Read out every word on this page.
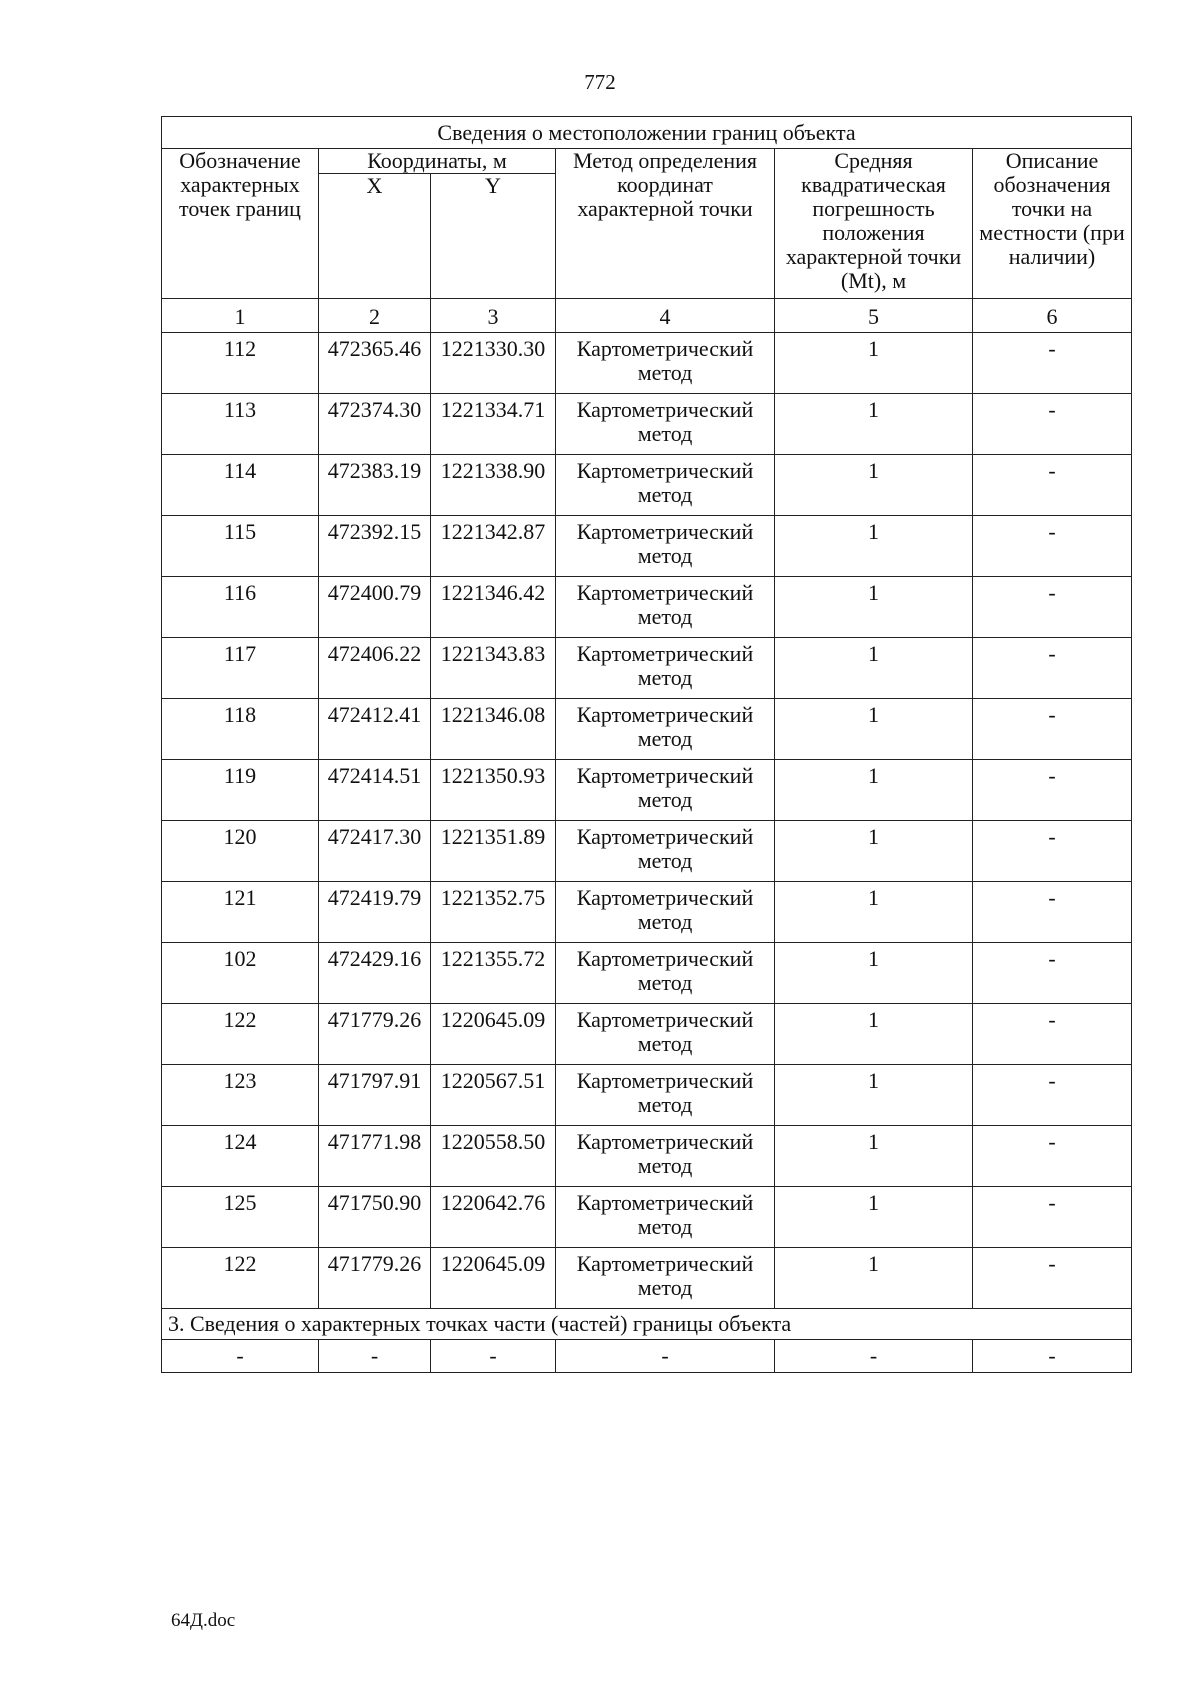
772
Сведения о местоположении границ объекта					
Обозначение характерных точек границ	Координаты, м		Метод определения координат характерной точки	Средняя квадратическая погрешность положения характерной точки (Mt), м	Описание обозначения точки на местности (при наличии)
	X	Y			
1	2	3	4	5	6
112	472365.46	1221330.30	Картометрический метод	1	-
113	472374.30	1221334.71	Картометрический метод	1	-
114	472383.19	1221338.90	Картометрический метод	1	-
115	472392.15	1221342.87	Картометрический метод	1	-
116	472400.79	1221346.42	Картометрический метод	1	-
117	472406.22	1221343.83	Картометрический метод	1	-
118	472412.41	1221346.08	Картометрический метод	1	-
119	472414.51	1221350.93	Картометрический метод	1	-
120	472417.30	1221351.89	Картометрический метод	1	-
121	472419.79	1221352.75	Картометрический метод	1	-
102	472429.16	1221355.72	Картометрический метод	1	-
122	471779.26	1220645.09	Картометрический метод	1	-
123	471797.91	1220567.51	Картометрический метод	1	-
124	471771.98	1220558.50	Картометрический метод	1	-
125	471750.90	1220642.76	Картометрический метод	1	-
122	471779.26	1220645.09	Картометрический метод	1	-
3. Сведения о характерных точках части (частей) границы объекта					
-	-	-	-	-	-
64Д.doc
